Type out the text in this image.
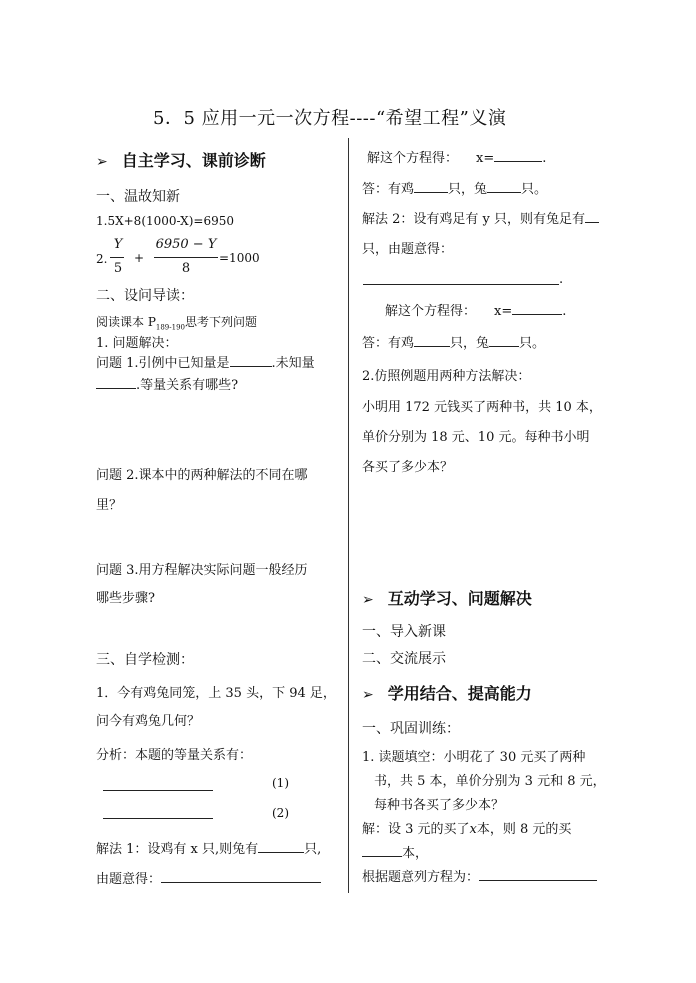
5．5 应用一元一次方程----“希望工程”义演
➢ 自主学习、课前诊断
一、温故知新
1.5X+8(1000-X)=6950
2.
Y
5
+
6950 − Y
8
=1000
二、设问导读：
阅读课本 $P_{189-190}$思考下列问题
1. 问题解决：
问题 1.引例中已知量是	.未知量
.等量关系有哪些?
问题 2.课本中的两种解法的不同在哪
里？
问题 3.用方程解决实际问题一般经历
哪些步骤?
三、自学检测：
1．今有鸡兔同笼，上 35 头，下 94 足，
问今有鸡兔几何？
分析：本题的等量关系有：
(1)
(2)
解法 1：设鸡有 x 只,则兔有	只,
由题意得：
解这个方程得： x=	.
答：有鸡	只，兔	只。
解法 2：设有鸡足有 y 只，则有兔足有
只，由题意得：
.
解这个方程得： x=	.
答：有鸡	只，兔 只。
2.仿照例题用两种方法解决：
小明用 172 元钱买了两种书，共 10 本，
单价分别为 18 元、10 元。每种书小明
各买了多少本？
➢ 互动学习、问题解决
一、导入新课
二、交流展示
➢ 学用结合、提高能力
一、巩固训练：
1. 读题填空：小明花了 30 元买了两种
书，共 5 本，单价分别为 3 元和 8 元，
每种书各买了多少本？
解：设 3 元的买了x本，则 8 元的买
本，
根据题意列方程为：
